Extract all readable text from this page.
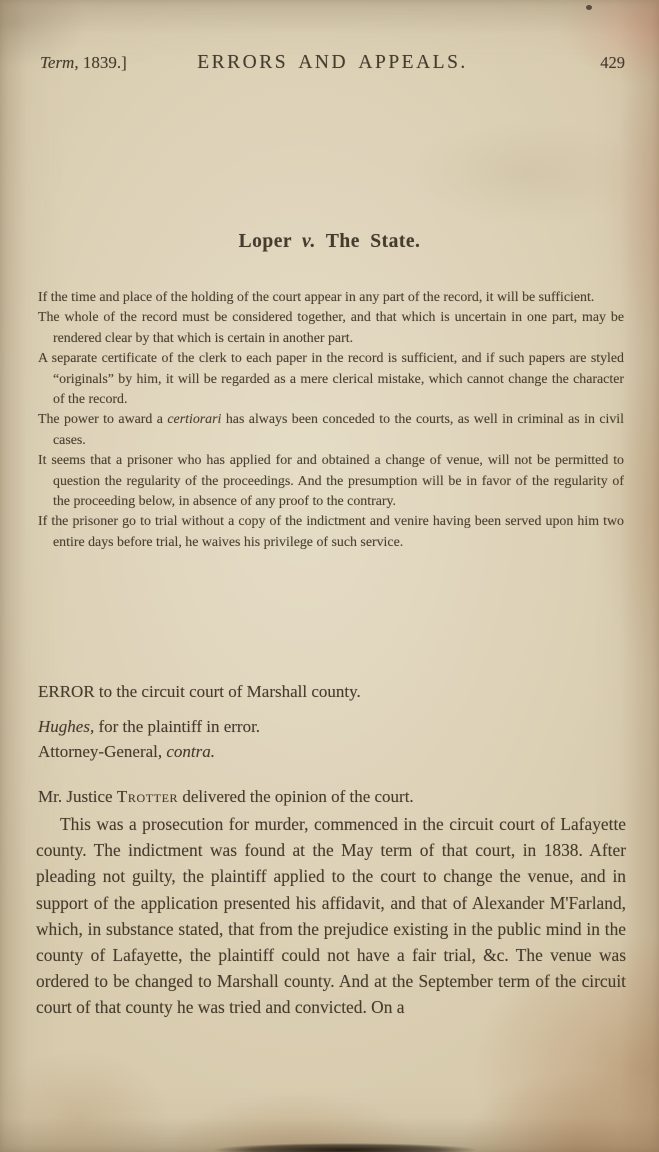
Term, 1839.]	ERRORS AND APPEALS.	429
Loper v. The State.

If the time and place of the holding of the court appear in any part of the record, it will be sufficient.

The whole of the record must be considered together, and that which is uncertain in one part, may be rendered clear by that which is certain in another part.

A separate certificate of the clerk to each paper in the record is sufficient, and if such papers are styled “originals” by him, it will be regarded as a mere clerical mistake, which cannot change the character of the record.

The power to award a certiorari has always been conceded to the courts, as well in criminal as in civil cases.

It seems that a prisoner who has applied for and obtained a change of venue, will not be permitted to question the regularity of the proceedings. And the presumption will be in favor of the regularity of the proceeding below, in absence of any proof to the contrary.

If the prisoner go to trial without a copy of the indictment and venire having been served upon him two entire days before trial, he waives his privilege of such service.

ERROR to the circuit court of Marshall county.

Hughes, for the plaintiff in error.

Attorney-General, contra.

Mr. Justice Trotter delivered the opinion of the court.

This was a prosecution for murder, commenced in the circuit court of Lafayette county. The indictment was found at the May term of that court, in 1838. After pleading not guilty, the plaintiff applied to the court to change the venue, and in support of the application presented his affidavit, and that of Alexander M'Farland, which, in substance stated, that from the prejudice existing in the public mind in the county of Lafayette, the plaintiff could not have a fair trial, &c. The venue was ordered to be changed to Marshall county. And at the September term of the circuit court of that county he was tried and convicted. On a
